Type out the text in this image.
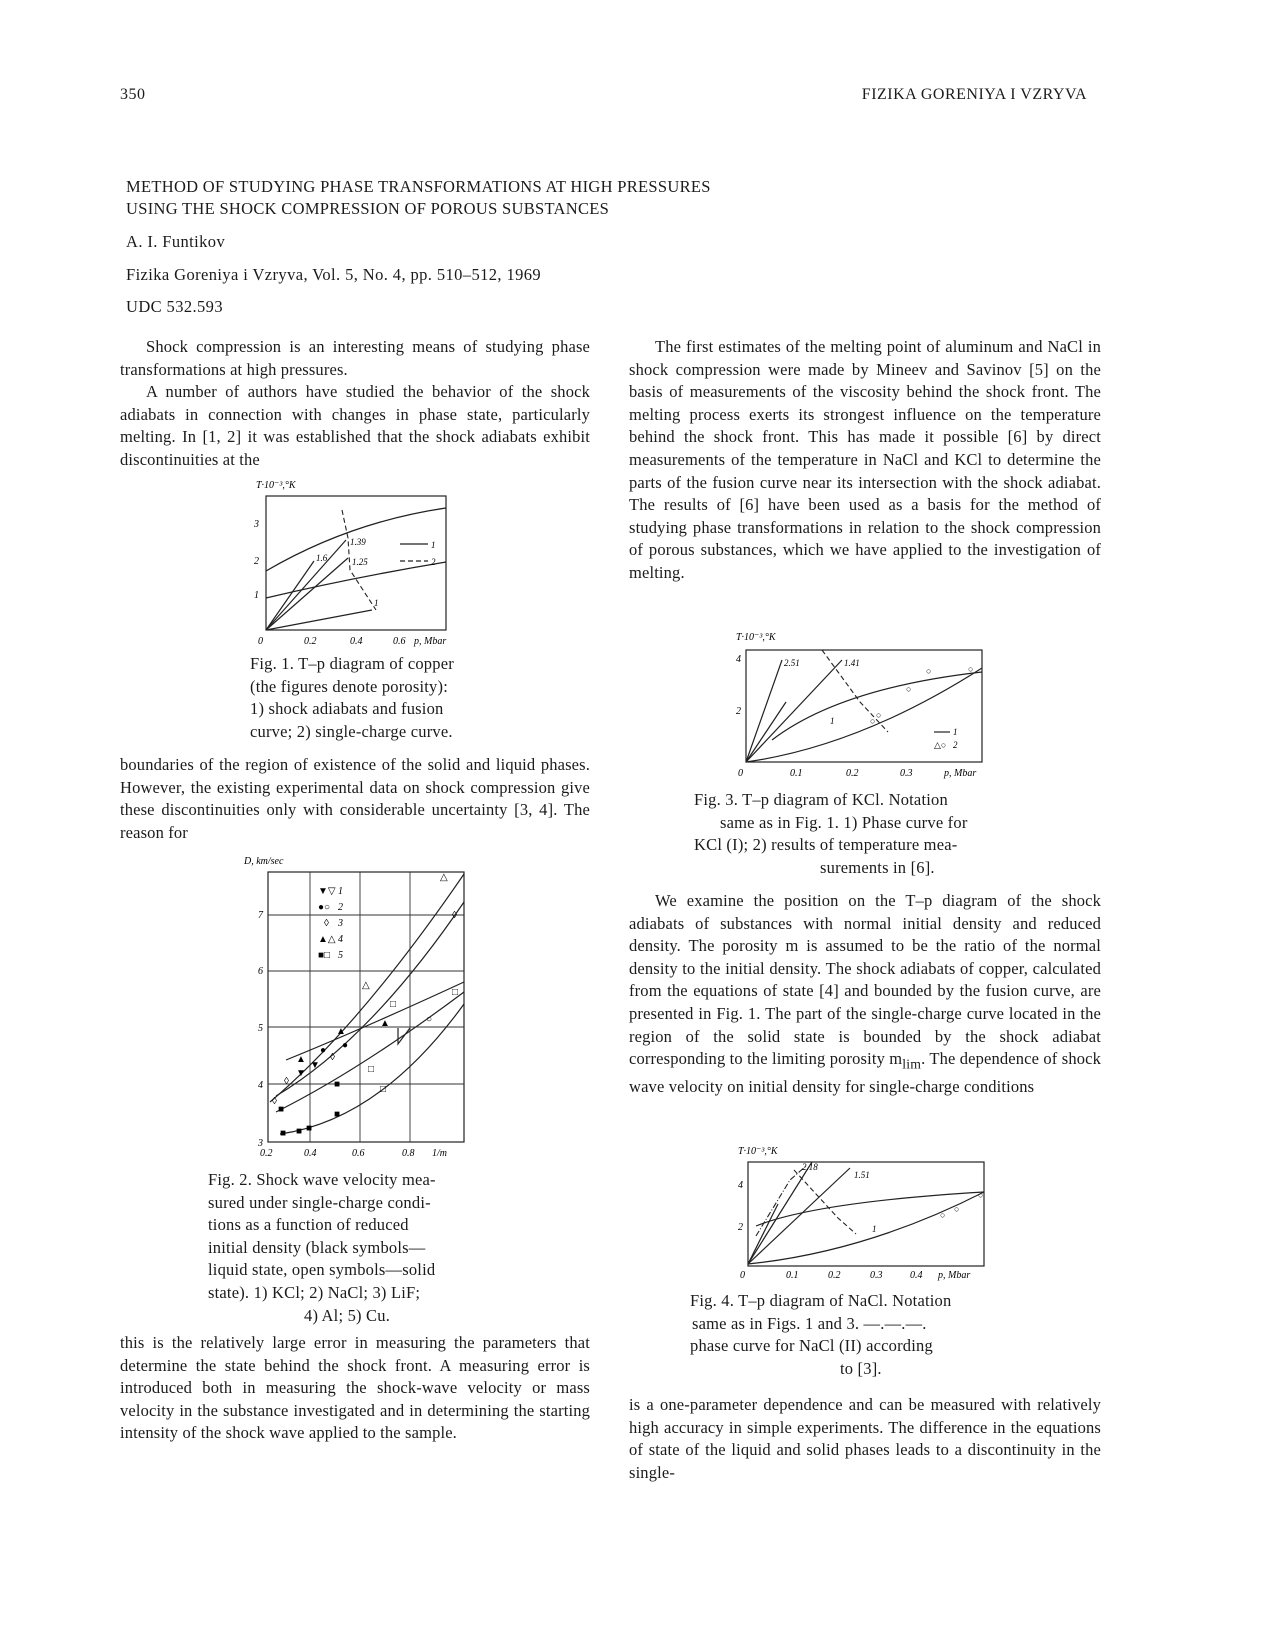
350	FIZIKA GORENIYA I VZRYVA
METHOD OF STUDYING PHASE TRANSFORMATIONS AT HIGH PRESSURES
USING THE SHOCK COMPRESSION OF POROUS SUBSTANCES
A. I. Funtikov
Fizika Goreniya i Vzryva, Vol. 5, No. 4, pp. 510–512, 1969
UDC 532.593

Shock compression is an interesting means of studying phase transformations at high pressures.

A number of authors have studied the behavior of the shock adiabats in connection with changes in phase state, particularly melting. In [1, 2] it was established that the shock adiabats exhibit discontinuities at the

T·10⁻³,°K
3
2
1
0	0.2	0.4	0.6 p, Mbar
1.39
1.6	1.25
1
1
2

Fig. 1. T–p diagram of copper

(the figures denote porosity):

1) shock adiabats and fusion

curve; 2) single-charge curve.

boundaries of the region of existence of the solid and liquid phases. However, the existing experimental data on shock compression give these discontinuities only with considerable uncertainty [3, 4]. The reason for

D, km/sec
7
6
5
4
3
0.2	0.4	0.6	0.8 1/m
▼▽ 1
●○ 2
◊ 3
▲△ 4
■□ 5
▲
▲
▲
● ●
▼
▼
■
■
■
■ ■ ■
◊
◊
◊
◊
△
△
□
□
□
○
□

Fig. 2. Shock wave velocity mea-

sured under single-charge condi-

tions as a function of reduced

initial density (black symbols—

liquid state, open symbols—solid

state). 1) KCl; 2) NaCl; 3) LiF;

4) Al; 5) Cu.

this is the relatively large error in measuring the parameters that determine the state behind the shock front. A measuring error is introduced both in measuring the shock-wave velocity or mass velocity in the substance investigated and in determining the starting intensity of the shock wave applied to the sample.

The first estimates of the melting point of aluminum and NaCl in shock compression were made by Mineev and Savinov [5] on the basis of measurements of the viscosity behind the shock front. The melting process exerts its strongest influence on the temperature behind the shock front. This has made it possible [6] by direct measurements of the temperature in NaCl and KCl to determine the parts of the fusion curve near its intersection with the shock adiabat. The results of [6] have been used as a basis for the method of studying phase transformations in relation to the shock compression of porous substances, which we have applied to the investigation of melting.

T·10⁻³,°K
4
2
0	0.1	0.2	0.3	p, Mbar
2.51	1.41
1	○
○
○
○	○
1
△○ 2

Fig. 3. T–p diagram of KCl. Notation

same as in Fig. 1. 1) Phase curve for

KCl (I); 2) results of temperature mea-

surements in [6].

We examine the position on the T–p diagram of the shock adiabats of substances with normal initial density and reduced density. The porosity m is assumed to be the ratio of the normal density to the initial density. The shock adiabats of copper, calculated from the equations of state [4] and bounded by the fusion curve, are presented in Fig. 1. The part of the single-charge curve located in the region of the solid state is bounded by the shock adiabat corresponding to the limiting porosity $m_{lim}$. The dependence of shock wave velocity on initial density for single-charge conditions

T·10⁻³,°K
4
2
0	0.1	0.2	0.3	0.4 p, Mbar
2.18
1.51
1
○
○
○

Fig. 4. T–p diagram of NaCl. Notation

same as in Figs. 1 and 3. —.—.—.

phase curve for NaCl (II) according

to [3].

is a one-parameter dependence and can be measured with relatively high accuracy in simple experiments. The difference in the equations of state of the liquid and solid phases leads to a discontinuity in the single-
